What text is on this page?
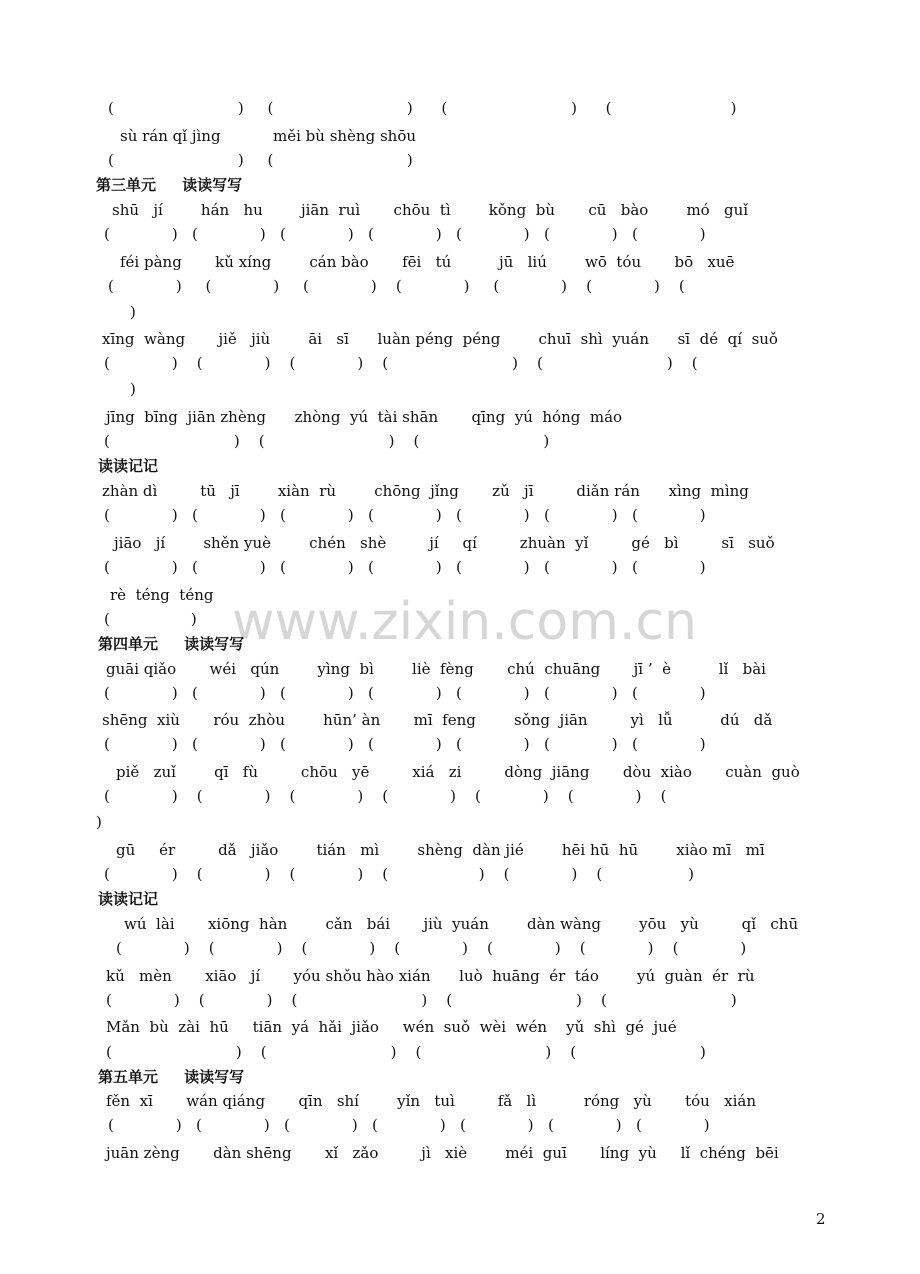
www.zixin.com.cn
(                          )     (                            )      (                          )      (                         )
sù rán qǐ jìng           měi bù shèng shōu
(                          )     (                            )
第三单元     读读写写
shū   jí        hán   hu        jiān  ruì       chōu  tì        kǒng  bù       cū   bào        mó   guǐ
(             )   (             )   (             )   (             )   (             )   (             )   (             )
féi pàng       kǔ xíng        cán bào       fēi   tú          jū   liú        wō  tóu       bō   xuē
(             )     (             )     (             )    (             )     (             )    (             )    (
)
xīng  wàng       jiě   jiù        āi   sī      luàn péng  péng        chuī  shì  yuán      sī  dé  qí  suǒ
(             )    (             )    (             )    (                          )    (                          )    (
)
jīng  bīng  jiān zhèng      zhòng  yú  tài shān       qīng  yú  hóng  máo
(                          )    (                          )    (                          )
读读记记
zhàn dì         tū   jī        xiàn  rù        chōng  jǐng       zǔ   jī         diǎn rán      xìng  mìng
(             )   (             )   (             )   (             )   (             )   (             )   (             )
jiāo   jí        shěn yuè        chén   shè         jí     qí         zhuàn  yǐ         gé   bì         sī   suǒ
(             )   (             )   (             )   (             )   (             )   (             )   (             )
rè  téng  téng
(                 )
第四单元     读读写写
guāi qiǎo       wéi   qún        yìng  bì        liè  fèng       chú  chuāng       jī ’  è          lǐ   bài
(             )   (             )   (             )   (             )   (             )   (             )   (             )
shēng  xiù       róu  zhòu        hūn’ àn       mī  feng        sǒng  jiān         yì   lǚ          dú   dǎ
(             )   (             )   (             )   (             )   (             )   (             )   (             )
piě   zuǐ        qī   fù         chōu   yē         xiá   zi         dòng  jiāng       dòu  xiào       cuàn  guò
(             )    (             )    (             )    (             )    (             )    (             )    (
)
gū     ér         dǎ   jiǎo        tián   mì        shèng  dàn jié        hēi hū  hū        xiào mī   mī
(             )    (             )    (             )    (                   )    (             )    (                  )
读读记记
wú  lài       xiōng  hàn        cǎn   bái       jiù  yuán        dàn wàng        yōu   yù         qǐ   chū
(             )    (             )    (             )    (             )    (             )    (             )    (             )
kǔ   mèn       xiāo   jí       yóu shǒu hào xián      luò  huāng  ér  táo        yú  guàn  ér  rù
(             )    (             )    (                          )    (                          )    (                          )
Mǎn  bù  zài  hū     tiān  yá  hǎi  jiǎo     wén  suǒ  wèi  wén    yǔ  shì  gé  jué
(                          )    (                          )    (                          )    (                          )
第五单元     读读写写
fěn  xī       wán qiáng       qīn   shí        yǐn   tuì         fǎ   lì          róng   yù       tóu   xián
(             )   (             )   (             )   (             )   (             )   (             )   (             )
juān zèng       dàn shēng       xǐ   zǎo         jì   xiè        méi  guī       líng  yù     lǐ  chéng  bēi
2
